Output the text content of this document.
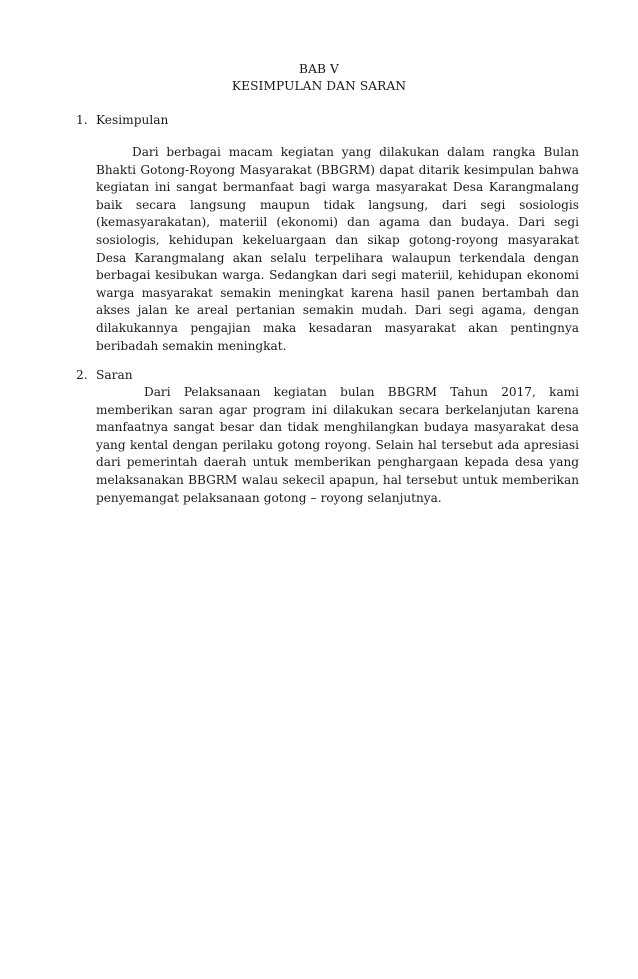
BAB V
KESIMPULAN DAN SARAN
1. Kesimpulan

Dari berbagai macam kegiatan yang dilakukan dalam rangka Bulan Bhakti Gotong-Royong Masyarakat (BBGRM) dapat ditarik kesimpulan bahwa kegiatan ini sangat bermanfaat bagi warga masyarakat Desa Karangmalang baik secara langsung maupun tidak langsung, dari segi sosiologis (kemasyarakatan), materiil (ekonomi) dan agama dan budaya. Dari segi sosiologis, kehidupan kekeluargaan dan sikap gotong-royong masyarakat Desa Karangmalang akan selalu terpelihara walaupun terkendala dengan berbagai kesibukan warga. Sedangkan dari segi materiil, kehidupan ekonomi warga masyarakat semakin meningkat karena hasil panen bertambah dan akses jalan ke areal pertanian semakin mudah. Dari segi agama, dengan dilakukannya pengajian maka kesadaran masyarakat akan pentingnya beribadah semakin meningkat.

2. Saran

Dari Pelaksanaan kegiatan bulan BBGRM Tahun 2017, kami memberikan saran agar program ini dilakukan secara berkelanjutan karena manfaatnya sangat besar dan tidak menghilangkan budaya masyarakat desa yang kental dengan perilaku gotong royong. Selain hal tersebut ada apresiasi dari pemerintah daerah untuk memberikan penghargaan kepada desa yang melaksanakan BBGRM walau sekecil apapun, hal tersebut untuk memberikan penyemangat pelaksanaan gotong – royong selanjutnya.
